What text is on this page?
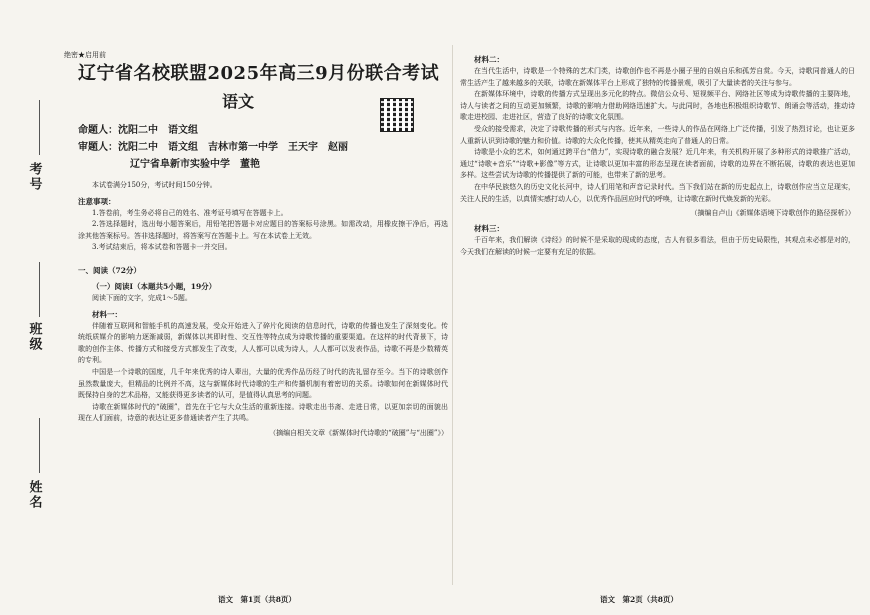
考号
班级
姓名
绝密★启用前
辽宁省名校联盟2025年高三9月份联合考试
语文
命题人：沈阳二中　语文组
审题人：沈阳二中　语文组　吉林市第一中学　王天宇　赵丽
辽宁省阜新市实验中学　董艳

本试卷满分150分，考试时间150分钟。

注意事项：

1.答卷前，考生务必将自己的姓名、准考证号填写在答题卡上。

2.答选择题时，选出每小题答案后，用铅笔把答题卡对应题目的答案标号涂黑。如需改动，用橡皮擦干净后，再选涂其他答案标号。答非选择题时，将答案写在答题卡上。写在本试卷上无效。

3.考试结束后，将本试卷和答题卡一并交回。

一、阅读（72分）
（一）阅读Ⅰ（本题共5小题，19分）

阅读下面的文字，完成1～5题。

材料一：

伴随着互联网和智能手机的高速发展，受众开始进入了碎片化阅读的信息时代，诗歌的传播也发生了深刻变化。传统纸质媒介的影响力逐渐减弱，新媒体以其即时性、交互性等特点成为诗歌传播的重要渠道。在这样的时代背景下，诗歌的创作主体、传播方式和接受方式都发生了改变，人人都可以成为诗人，人人都可以发表作品，诗歌不再是少数精英的专利。

中国是一个诗歌的国度，几千年来优秀的诗人辈出，大量的优秀作品历经了时代的洗礼留存至今。当下的诗歌创作虽然数量庞大，但精品的比例并不高，这与新媒体时代诗歌的生产和传播机制有着密切的关系。诗歌如何在新媒体时代既保持自身的艺术品格，又能获得更多读者的认可，是值得认真思考的问题。

诗歌在新媒体时代的“破圈”，首先在于它与大众生活的重新连接。诗歌走出书斋、走进日常，以更加亲切的面貌出现在人们面前，诗意的表达让更多普通读者产生了共鸣。

（摘编自相关文章《新媒体时代诗歌的“破圈”与“出圈”》）
材料二：

在当代生活中，诗歌是一个特殊的艺术门类，诗歌创作也不再是小圈子里的自娱自乐和孤芳自赏。今天，诗歌同普通人的日常生活产生了越来越多的关联，诗歌在新媒体平台上形成了独特的传播景观，吸引了大量读者的关注与参与。

在新媒体环境中，诗歌的传播方式呈现出多元化的特点。微信公众号、短视频平台、网络社区等成为诗歌传播的主要阵地，诗人与读者之间的互动更加频繁，诗歌的影响力借助网络迅速扩大。与此同时，各地也积极组织诗歌节、朗诵会等活动，推动诗歌走进校园、走进社区，营造了良好的诗歌文化氛围。

受众的接受需求，决定了诗歌传播的形式与内容。近年来，一些诗人的作品在网络上广泛传播，引发了热烈讨论，也让更多人重新认识到诗歌的魅力和价值。诗歌的大众化传播，使其从精英走向了普通人的日常。

诗歌是小众的艺术，如何通过跨平台“借力”，实现诗歌的融合发展？近几年来，有关机构开展了多种形式的诗歌推广活动，通过“诗歌+音乐”“诗歌+影像”等方式，让诗歌以更加丰富的形态呈现在读者面前，诗歌的边界在不断拓展，诗歌的表达也更加多样。这些尝试为诗歌的传播提供了新的可能，也带来了新的思考。

在中华民族悠久的历史文化长河中，诗人们用笔和声音记录时代。当下我们站在新的历史起点上，诗歌创作应当立足现实，关注人民的生活，以真情实感打动人心，以优秀作品回应时代的呼唤，让诗歌在新时代焕发新的光彩。

（摘编自卢山《新媒体语境下诗歌创作的路径探析》）
材料三：

千百年来，我们解读《诗经》的时候不是采取的现成的态度，古人有很多看法，但由于历史局限性，其观点未必都是对的，今天我们在解读的时候一定要有充足的依据。

语文　第1页（共8页）	语文　第2页（共8页）
